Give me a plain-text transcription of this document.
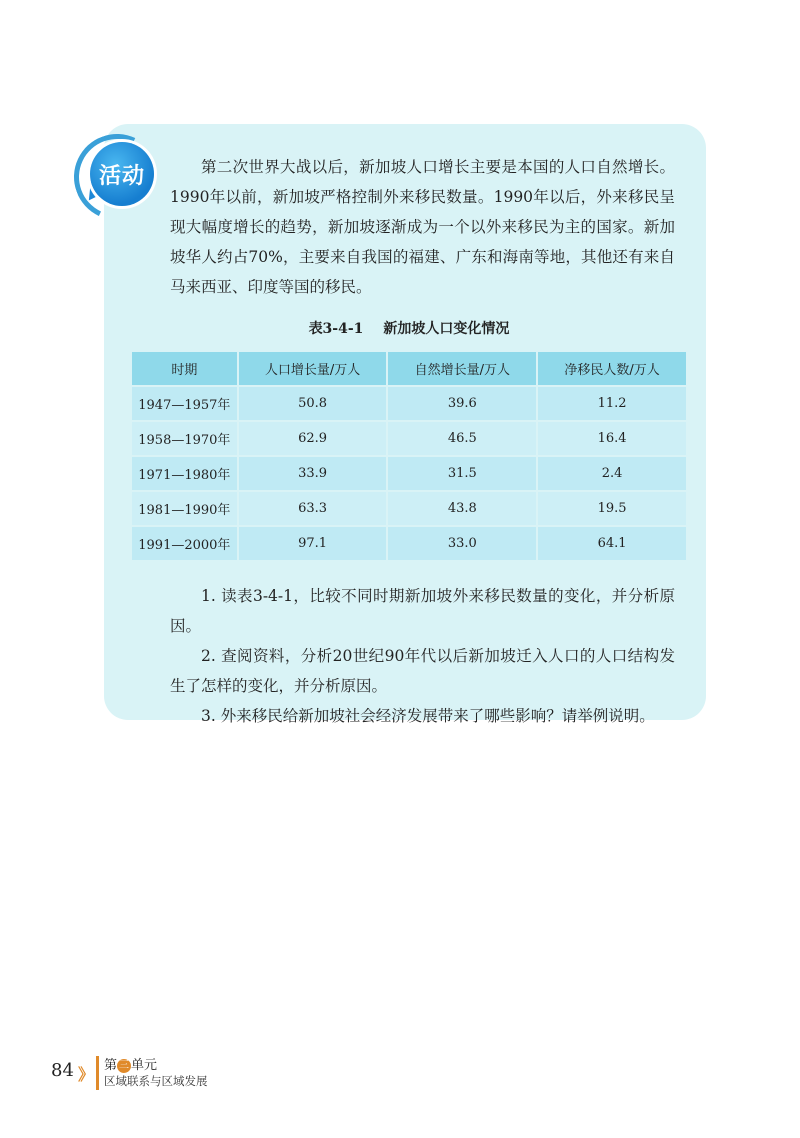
活动	第二次世界大战以后，新加坡人口增长主要是本国的人口自然增长。1990年以前，新加坡严格控制外来移民数量。1990年以后，外来移民呈现大幅度增长的趋势，新加坡逐渐成为一个以外来移民为主的国家。新加坡华人约占70%，主要来自我国的福建、广东和海南等地，其他还有来自马来西亚、印度等国的移民。
表3-4-1 新加坡人口变化情况
时期	人口增长量/万人	自然增长量/万人	净移民人数/万人
1947—1957年	50.8	39.6	11.2
1958—1970年	62.9	46.5	16.4
1971—1980年	33.9	31.5	2.4
1981—1990年	63.3	43.8	19.5
1991—2000年	97.1	33.0	64.1

1. 读表3-4-1，比较不同时期新加坡外来移民数量的变化，并分析原因。

2. 查阅资料，分析20世纪90年代以后新加坡迁入人口的人口结构发生了怎样的变化，并分析原因。

3. 外来移民给新加坡社会经济发展带来了哪些影响？请举例说明。

84 》 第 三 单元
区域联系与区域发展
